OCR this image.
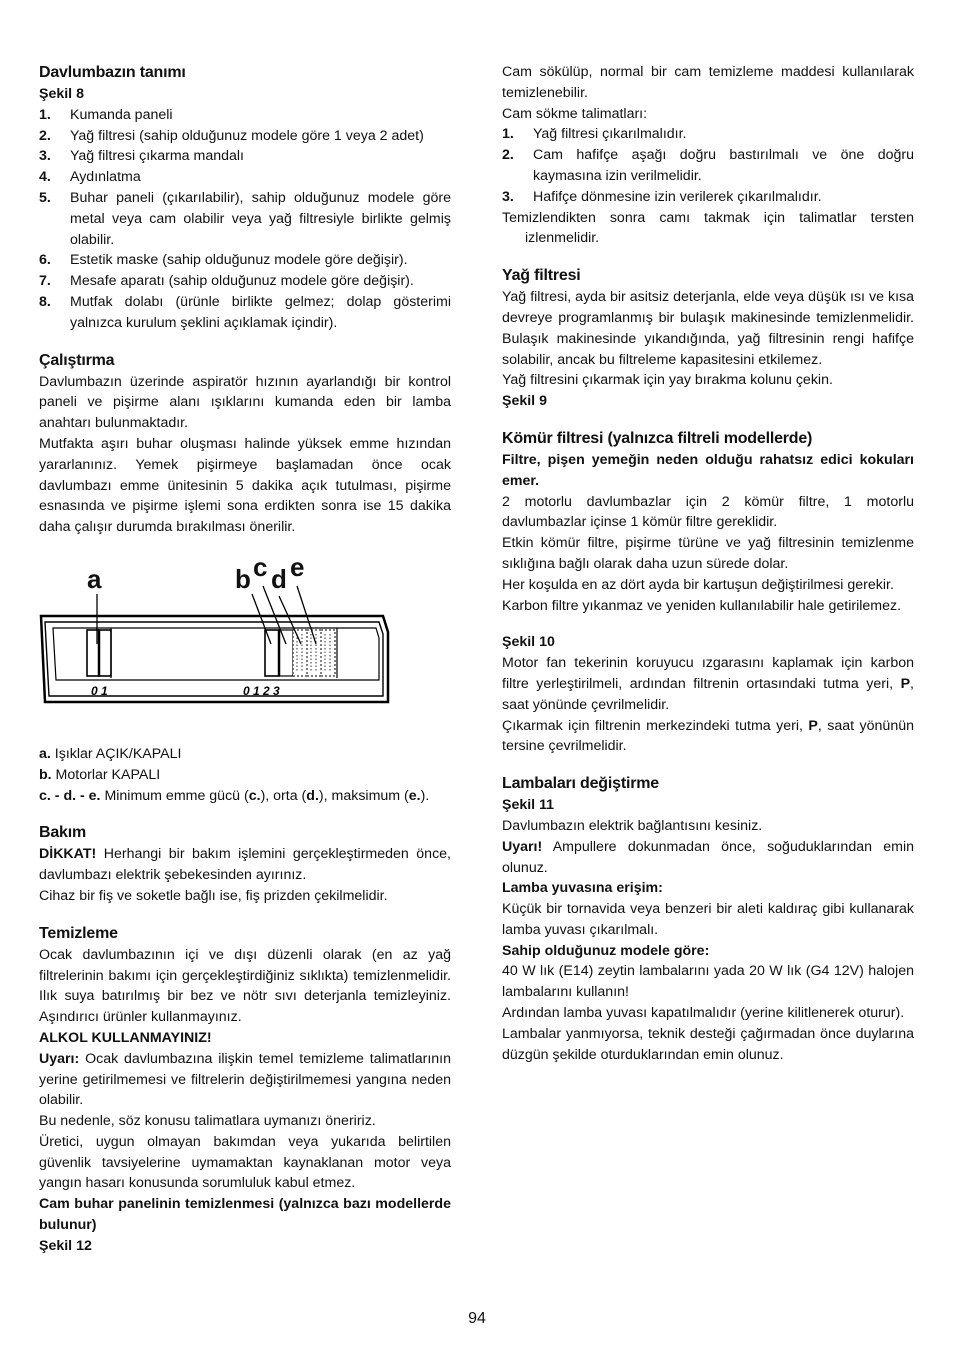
Davlumbazın tanımı
Şekil 8
1.	Kumanda paneli
2.	Yağ filtresi (sahip olduğunuz modele göre 1 veya 2 adet)
3.	Yağ filtresi çıkarma mandalı
4.	Aydınlatma
5.	Buhar paneli (çıkarılabilir), sahip olduğunuz modele göre metal veya cam olabilir veya yağ filtresiyle birlikte gelmiş olabilir.
6.	Estetik maske (sahip olduğunuz modele göre değişir).
7.	Mesafe aparatı (sahip olduğunuz modele göre değişir).
8.	Mutfak dolabı (ürünle birlikte gelmez; dolap gösterimi yalnızca kurulum şeklini açıklamak içindir).
Çalıştırma

Davlumbazın üzerinde aspiratör hızının ayarlandığı bir kontrol paneli ve pişirme alanı ışıklarını kumanda eden bir lamba anahtarı bulunmaktadır.

Mutfakta aşırı buhar oluşması halinde yüksek emme hızından yararlanınız. Yemek pişirmeye başlamadan önce ocak davlumbazı emme ünitesinin 5 dakika açık tutulması, pişirme esnasında ve pişirme işlemi sona erdikten sonra ise 15 dakika daha çalışır durumda bırakılması önerilir.

0 1	0 1 2 3
a	b c d e
a. Işıklar AÇIK/KAPALI
b. Motorlar KAPALI

c. - d. - e. Minimum emme gücü (c.), orta (d.), maksimum (e.).

Bakım

DİKKAT! Herhangi bir bakım işlemini gerçekleştirmeden önce, davlumbazı elektrik şebekesinden ayırınız.

Cihaz bir fiş ve soketle bağlı ise, fiş prizden çekilmelidir.

Temizleme

Ocak davlumbazının içi ve dışı düzenli olarak (en az yağ filtrelerinin bakımı için gerçekleştirdiğiniz sıklıkta) temizlenmelidir. Ilık suya batırılmış bir bez ve nötr sıvı deterjanla temizleyiniz. Aşındırıcı ürünler kullanmayınız.

ALKOL KULLANMAYINIZ!

Uyarı: Ocak davlumbazına ilişkin temel temizleme talimatlarının yerine getirilmemesi ve filtrelerin değiştirilmemesi yangına neden olabilir.

Bu nedenle, söz konusu talimatlara uymanızı öneririz.

Üretici, uygun olmayan bakımdan veya yukarıda belirtilen güvenlik tavsiyelerine uymamaktan kaynaklanan motor veya yangın hasarı konusunda sorumluluk kabul etmez.

Cam buhar panelinin temizlenmesi (yalnızca bazı modellerde bulunur)

Şekil 12

Cam sökülüp, normal bir cam temizleme maddesi kullanılarak temizlenebilir.

Cam sökme talimatları:

1.	Yağ filtresi çıkarılmalıdır.
2.	Cam hafifçe aşağı doğru bastırılmalı ve öne doğru kaymasına izin verilmelidir.
3.	Hafifçe dönmesine izin verilerek çıkarılmalıdır.

Temizlendikten sonra camı takmak için talimatlar tersten izlenmelidir.

Yağ filtresi

Yağ filtresi, ayda bir asitsiz deterjanla, elde veya düşük ısı ve kısa devreye programlanmış bir bulaşık makinesinde temizlenmelidir. Bulaşık makinesinde yıkandığında, yağ filtresinin rengi hafifçe solabilir, ancak bu filtreleme kapasitesini etkilemez.

Yağ filtresini çıkarmak için yay bırakma kolunu çekin.

Şekil 9
Kömür filtresi (yalnızca filtreli modellerde)

Filtre, pişen yemeğin neden olduğu rahatsız edici kokuları emer.

2 motorlu davlumbazlar için 2 kömür filtre, 1 motorlu davlumbazlar içinse 1 kömür filtre gereklidir.

Etkin kömür filtre, pişirme türüne ve yağ filtresinin temizlenme sıklığına bağlı olarak daha uzun sürede dolar.

Her koşulda en az dört ayda bir kartuşun değiştirilmesi gerekir.

Karbon filtre yıkanmaz ve yeniden kullanılabilir hale getirilemez.

Şekil 10

Motor fan tekerinin koruyucu ızgarasını kaplamak için karbon filtre yerleştirilmeli, ardından filtrenin ortasındaki tutma yeri, P, saat yönünde çevrilmelidir.

Çıkarmak için filtrenin merkezindeki tutma yeri, P, saat yönünün tersine çevrilmelidir.

Lambaları değiştirme
Şekil 11

Davlumbazın elektrik bağlantısını kesiniz.

Uyarı! Ampullere dokunmadan önce, soğuduklarından emin olunuz.

Lamba yuvasına erişim:

Küçük bir tornavida veya benzeri bir aleti kaldıraç gibi kullanarak lamba yuvası çıkarılmalı.

Sahip olduğunuz modele göre:

40 W lık (E14) zeytin lambalarını yada 20 W lık (G4 12V) halojen lambalarını kullanın!

Ardından lamba yuvası kapatılmalıdır (yerine kilitlenerek oturur).

Lambalar yanmıyorsa, teknik desteği çağırmadan önce duylarına düzgün şekilde oturduklarından emin olunuz.

94
